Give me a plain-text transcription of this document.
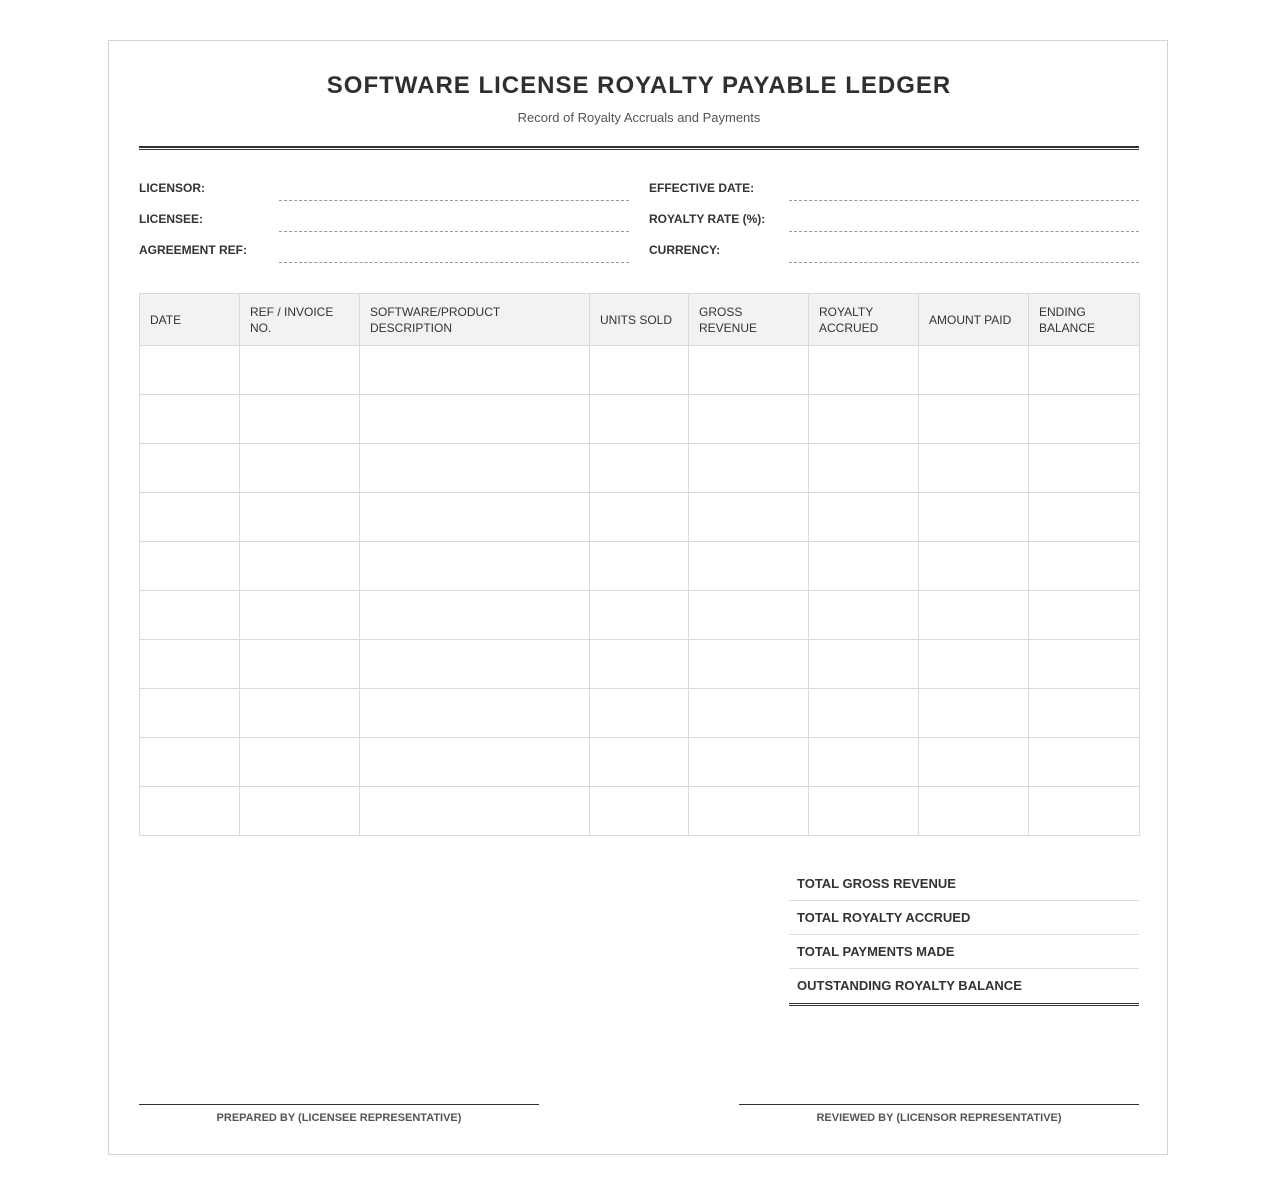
SOFTWARE LICENSE ROYALTY PAYABLE LEDGER
Record of Royalty Accruals and Payments
LICENSOR:
LICENSEE:
AGREEMENT REF:
EFFECTIVE DATE:
ROYALTY RATE (%):
CURRENCY:
DATE	REF / INVOICE NO.	SOFTWARE/PRODUCT DESCRIPTION	UNITS SOLD	GROSS REVENUE	ROYALTY ACCRUED	AMOUNT PAID	ENDING BALANCE

TOTAL GROSS REVENUE
TOTAL ROYALTY ACCRUED
TOTAL PAYMENTS MADE
OUTSTANDING ROYALTY BALANCE
PREPARED BY (LICENSEE REPRESENTATIVE)	REVIEWED BY (LICENSOR REPRESENTATIVE)
